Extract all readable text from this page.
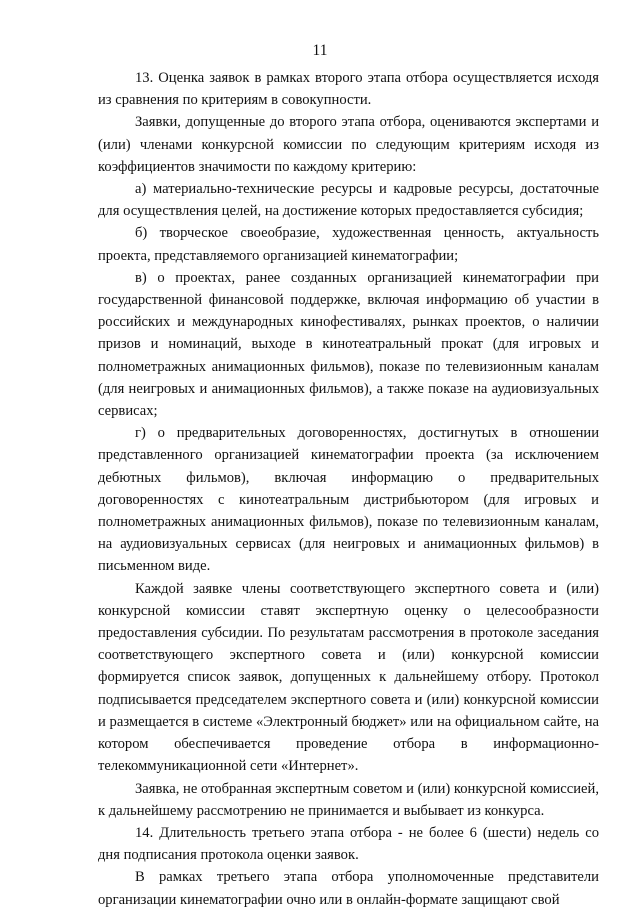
11

13. Оценка заявок в рамках второго этапа отбора осуществляется исходя из сравнения по критериям в совокупности.

Заявки, допущенные до второго этапа отбора, оцениваются экспертами и (или) членами конкурсной комиссии по следующим критериям исходя из коэффициентов значимости по каждому критерию:

а) материально-технические ресурсы и кадровые ресурсы, достаточные для осуществления целей, на достижение которых предоставляется субсидия;

б) творческое своеобразие, художественная ценность, актуальность проекта, представляемого организацией кинематографии;

в) о проектах, ранее созданных организацией кинематографии при государственной финансовой поддержке, включая информацию об участии в российских и международных кинофестивалях, рынках проектов, о наличии призов и номинаций, выходе в кинотеатральный прокат (для игровых и полнометражных анимационных фильмов), показе по телевизионным каналам (для неигровых и анимационных фильмов), а также показе на аудиовизуальных сервисах;

г) о предварительных договоренностях, достигнутых в отношении представленного организацией кинематографии проекта (за исключением дебютных фильмов), включая информацию о предварительных договоренностях с кинотеатральным дистрибьютором (для игровых и полнометражных анимационных фильмов), показе по телевизионным каналам, на аудиовизуальных сервисах (для неигровых и анимационных фильмов) в письменном виде.

Каждой заявке члены соответствующего экспертного совета и (или) конкурсной комиссии ставят экспертную оценку о целесообразности предоставления субсидии. По результатам рассмотрения в протоколе заседания соответствующего экспертного совета и (или) конкурсной комиссии формируется список заявок, допущенных к дальнейшему отбору. Протокол подписывается председателем экспертного совета и (или) конкурсной комиссии и размещается в системе «Электронный бюджет» или на официальном сайте, на котором обеспечивается проведение отбора в информационно-телекоммуникационной сети «Интернет».

Заявка, не отобранная экспертным советом и (или) конкурсной комиссией, к дальнейшему рассмотрению не принимается и выбывает из конкурса.

14. Длительность третьего этапа отбора - не более 6 (шести) недель со дня подписания протокола оценки заявок.

В рамках третьего этапа отбора уполномоченные представители организации кинематографии очно или в онлайн-формате защищают свой
